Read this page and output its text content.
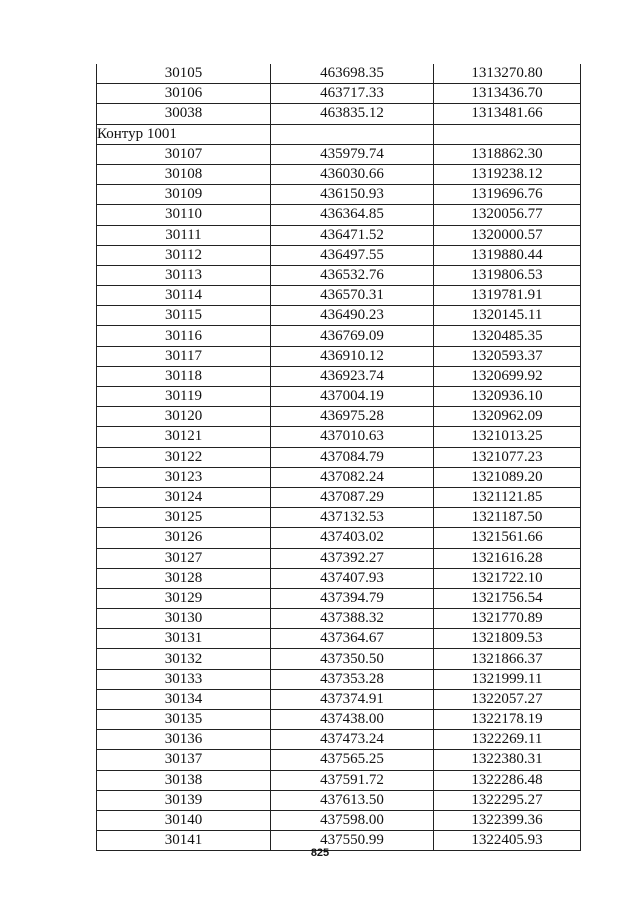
30105	463698.35	1313270.80
30106	463717.33	1313436.70
30038	463835.12	1313481.66
Контур 1001		
30107	435979.74	1318862.30
30108	436030.66	1319238.12
30109	436150.93	1319696.76
30110	436364.85	1320056.77
30111	436471.52	1320000.57
30112	436497.55	1319880.44
30113	436532.76	1319806.53
30114	436570.31	1319781.91
30115	436490.23	1320145.11
30116	436769.09	1320485.35
30117	436910.12	1320593.37
30118	436923.74	1320699.92
30119	437004.19	1320936.10
30120	436975.28	1320962.09
30121	437010.63	1321013.25
30122	437084.79	1321077.23
30123	437082.24	1321089.20
30124	437087.29	1321121.85
30125	437132.53	1321187.50
30126	437403.02	1321561.66
30127	437392.27	1321616.28
30128	437407.93	1321722.10
30129	437394.79	1321756.54
30130	437388.32	1321770.89
30131	437364.67	1321809.53
30132	437350.50	1321866.37
30133	437353.28	1321999.11
30134	437374.91	1322057.27
30135	437438.00	1322178.19
30136	437473.24	1322269.11
30137	437565.25	1322380.31
30138	437591.72	1322286.48
30139	437613.50	1322295.27
30140	437598.00	1322399.36
30141	437550.99	1322405.93
825
